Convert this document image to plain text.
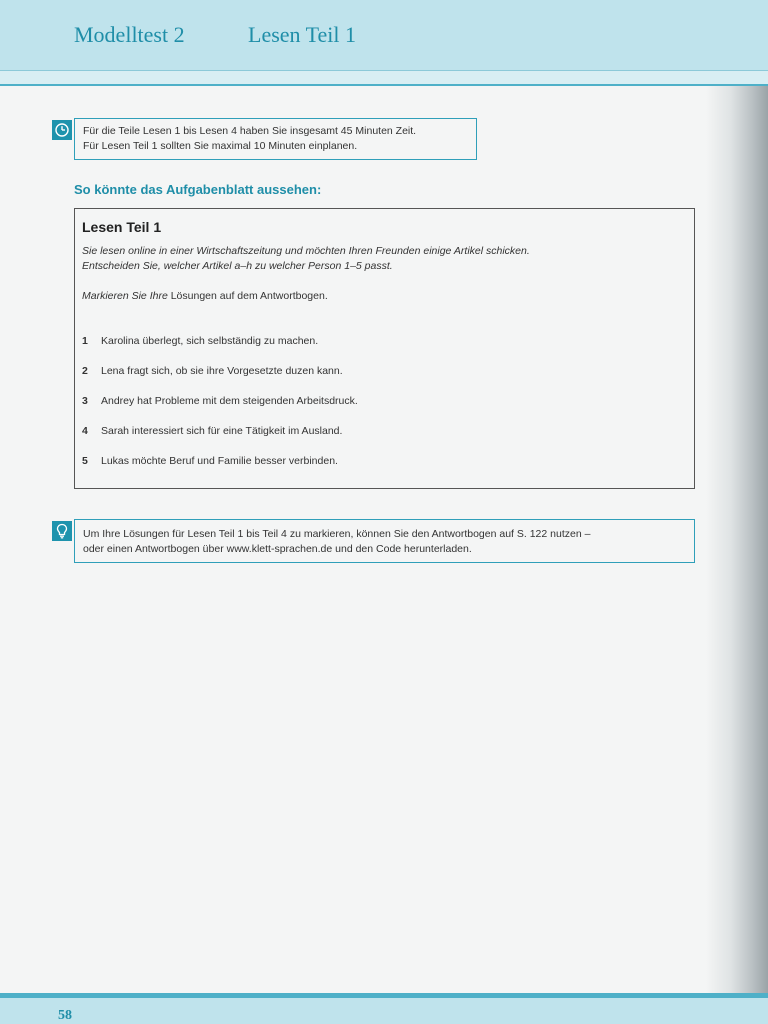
Modelltest 2	Lesen Teil 1
Für die Teile Lesen 1 bis Lesen 4 haben Sie insgesamt 45 Minuten Zeit.
Für Lesen Teil 1 sollten Sie maximal 10 Minuten einplanen.
So könnte das Aufgabenblatt aussehen:
Lesen Teil 1
Sie lesen online in einer Wirtschaftszeitung und möchten Ihren Freunden einige Artikel schicken.
Entscheiden Sie, welcher Artikel a–h zu welcher Person 1–5 passt.
Markieren Sie Ihre Lösungen auf dem Antwortbogen.
1 Karolina überlegt, sich selbständig zu machen.
2 Lena fragt sich, ob sie ihre Vorgesetzte duzen kann.
3 Andrey hat Probleme mit dem steigenden Arbeitsdruck.
4 Sarah interessiert sich für eine Tätigkeit im Ausland.
5 Lukas möchte Beruf und Familie besser verbinden.
Um Ihre Lösungen für Lesen Teil 1 bis Teil 4 zu markieren, können Sie den Antwortbogen auf S. 122 nutzen –
oder einen Antwortbogen über www.klett-sprachen.de und den Code herunterladen.
58
